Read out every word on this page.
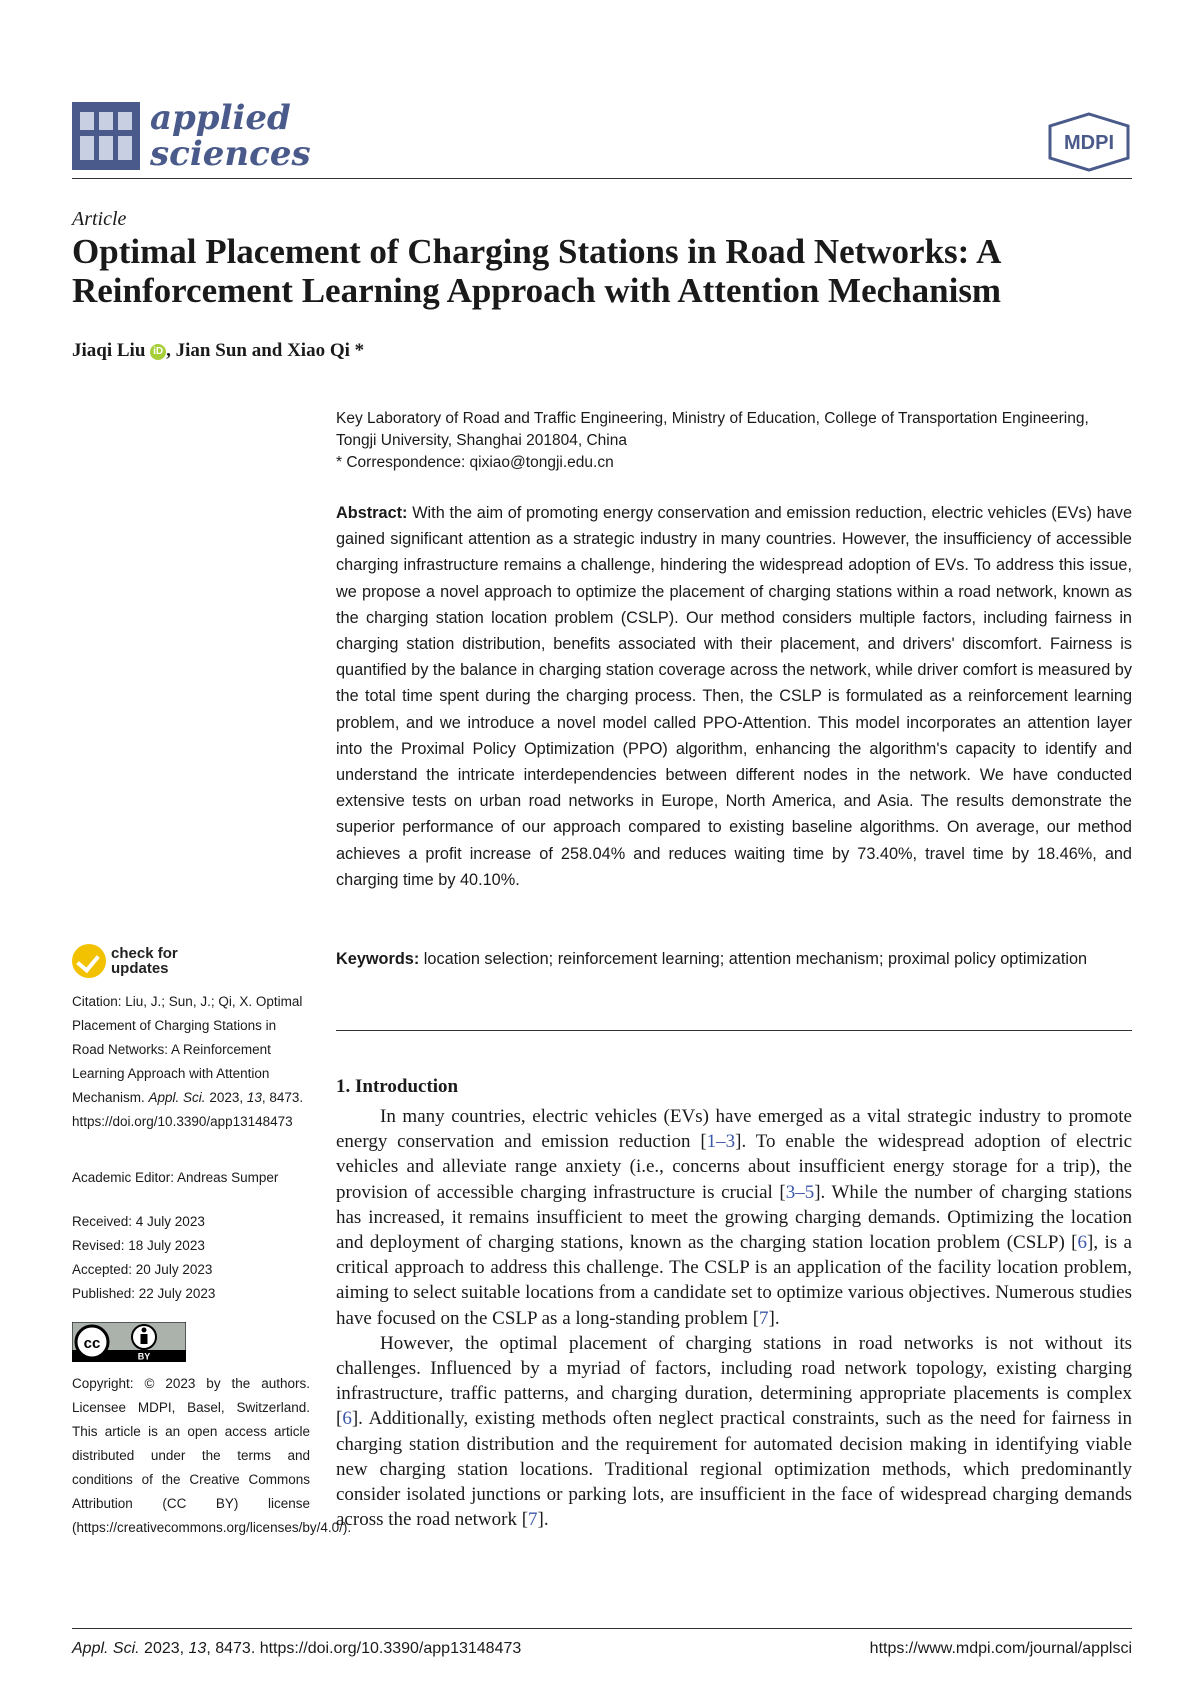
applied
sciences	MDPI
Article
Optimal Placement of Charging Stations in Road Networks: A Reinforcement Learning Approach with Attention Mechanism
Jiaqi Liu iD , Jian Sun and Xiao Qi *
Key Laboratory of Road and Traffic Engineering, Ministry of Education, College of Transportation Engineering,
Tongji University, Shanghai 201804, China
* Correspondence: qixiao@tongji.edu.cn

Abstract: With the aim of promoting energy conservation and emission reduction, electric vehicles (EVs) have gained significant attention as a strategic industry in many countries. However, the insufficiency of accessible charging infrastructure remains a challenge, hindering the widespread adoption of EVs. To address this issue, we propose a novel approach to optimize the placement of charging stations within a road network, known as the charging station location problem (CSLP). Our method considers multiple factors, including fairness in charging station distribution, benefits associated with their placement, and drivers' discomfort. Fairness is quantified by the balance in charging station coverage across the network, while driver comfort is measured by the total time spent during the charging process. Then, the CSLP is formulated as a reinforcement learning problem, and we introduce a novel model called PPO-Attention. This model incorporates an attention layer into the Proximal Policy Optimization (PPO) algorithm, enhancing the algorithm's capacity to identify and understand the intricate interdependencies between different nodes in the network. We have conducted extensive tests on urban road networks in Europe, North America, and Asia. The results demonstrate the superior performance of our approach compared to existing baseline algorithms. On average, our method achieves a profit increase of 258.04% and reduces waiting time by 73.40%, travel time by 18.46%, and charging time by 40.10%.

Keywords: location selection; reinforcement learning; attention mechanism; proximal policy optimization

1. Introduction

In many countries, electric vehicles (EVs) have emerged as a vital strategic industry to promote energy conservation and emission reduction [1–3]. To enable the widespread adoption of electric vehicles and alleviate range anxiety (i.e., concerns about insufficient energy storage for a trip), the provision of accessible charging infrastructure is crucial [3–5]. While the number of charging stations has increased, it remains insufficient to meet the growing charging demands. Optimizing the location and deployment of charging stations, known as the charging station location problem (CSLP) [6], is a critical approach to address this challenge. The CSLP is an application of the facility location problem, aiming to select suitable locations from a candidate set to optimize various objectives. Numerous studies have focused on the CSLP as a long-standing problem [7].

However, the optimal placement of charging stations in road networks is not without its challenges. Influenced by a myriad of factors, including road network topology, existing charging infrastructure, traffic patterns, and charging duration, determining appropriate placements is complex [6]. Additionally, existing methods often neglect practical constraints, such as the need for fairness in charging station distribution and the requirement for automated decision making in identifying viable new charging station locations. Traditional regional optimization methods, which predominantly consider isolated junctions or parking lots, are insufficient in the face of widespread charging demands across the road network [7].

check for
updates
Citation: Liu, J.; Sun, J.; Qi, X. Optimal Placement of Charging Stations in Road Networks: A Reinforcement Learning Approach with Attention Mechanism. Appl. Sci. 2023, 13, 8473. https://doi.org/10.3390/app13148473
Academic Editor: Andreas Sumper
Received: 4 July 2023
Revised: 18 July 2023
Accepted: 20 July 2023
Published: 22 July 2023
cc
BY
Copyright: © 2023 by the authors. Licensee MDPI, Basel, Switzerland. This article is an open access article distributed under the terms and conditions of the Creative Commons Attribution (CC BY) license (https://creativecommons.org/licenses/by/4.0/).
Appl. Sci. 2023, 13, 8473. https://doi.org/10.3390/app13148473	https://www.mdpi.com/journal/applsci
